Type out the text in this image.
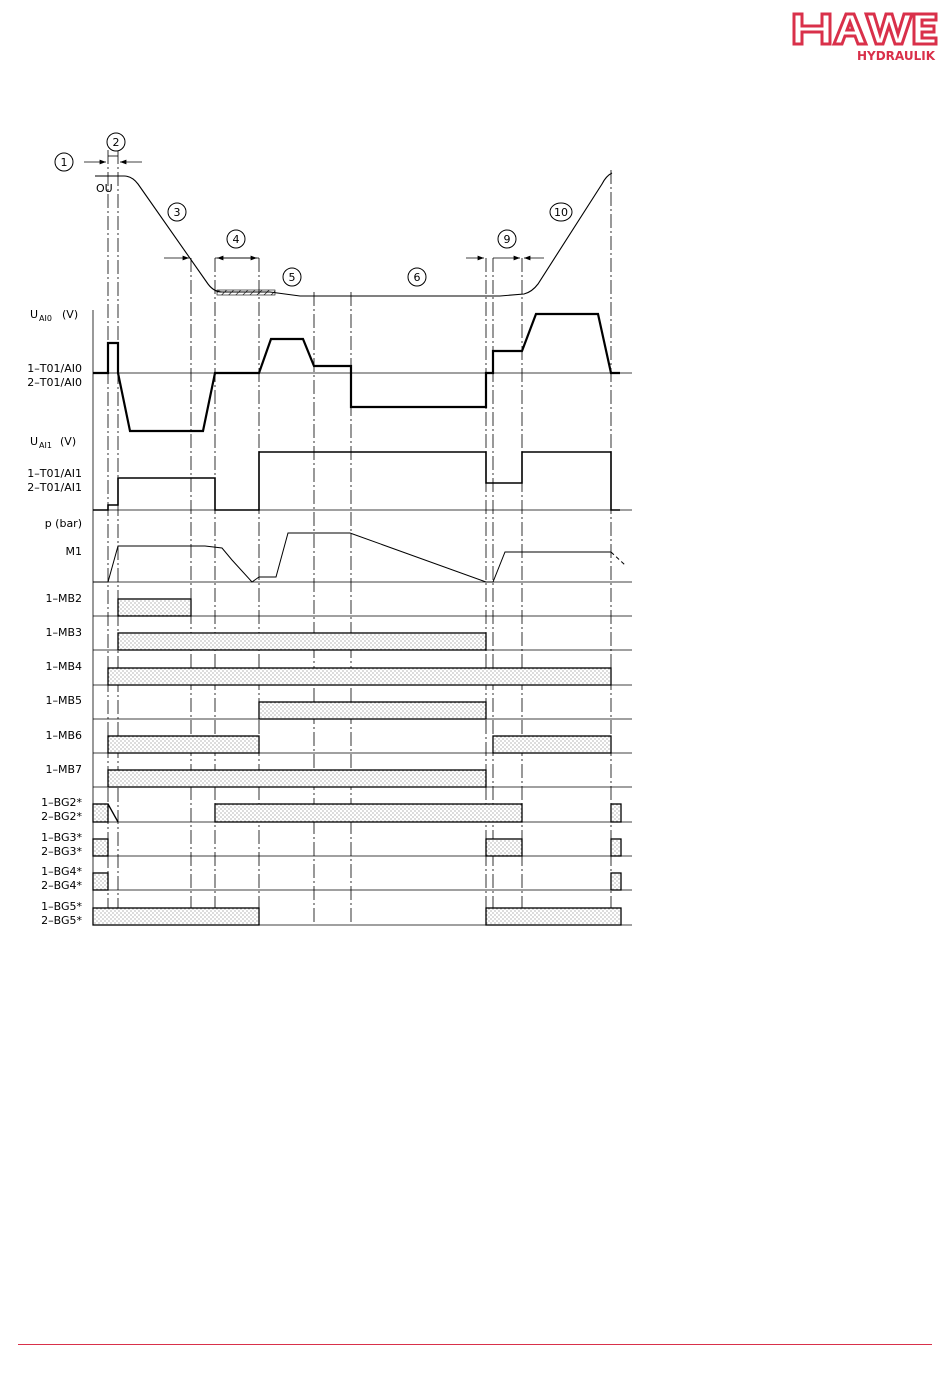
HYDRAULIK
1
2
3
4
5	6
9
10
OU
U AI0 (V)
1–T01/AI0
2–T01/AI0
U AI1 (V)
1–T01/AI1
2–T01/AI1
p (bar)
M1
1–MB2
1–MB3
1–MB4
1–MB5
1–MB6
1–MB7
1–BG2*
2–BG2*
1–BG3*
2–BG3*
1–BG4*
2–BG4*
1–BG5*
2–BG5*
